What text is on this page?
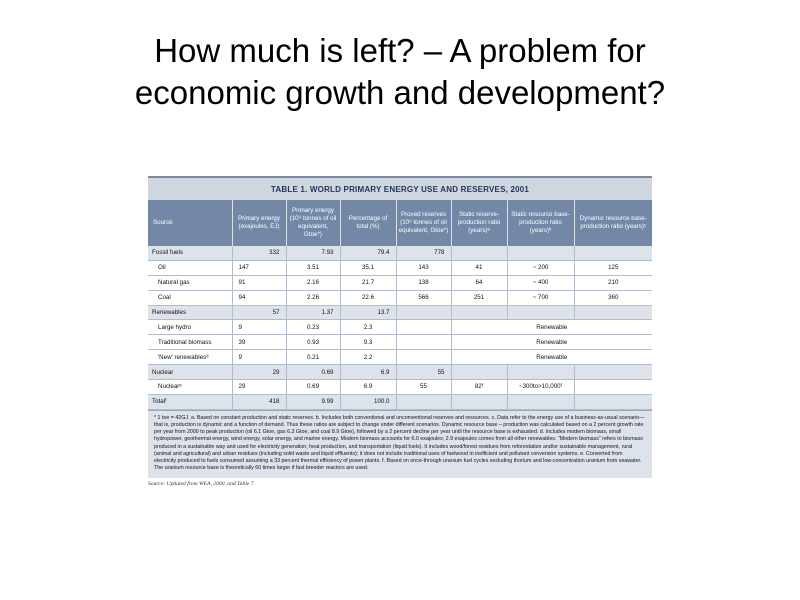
How much is left? – A problem for
economic growth and development?
TABLE 1. WORLD PRIMARY ENERGY USE AND RESERVES, 2001
Source	Primary energy (exajoules, EJ)	Primary energy (10⁹ tonnes of oil equivalent, Gtoe*)	Percentage of total (%)	Proved reserves (10⁹ tonnes of oil equivalent, Gtoe*)	Static reserve-production ratio (years)ᵃ	Static resource base-production ratio (years)ᵇ	Dynamic resource base-production ratio (years)ᶜ
Fossil fuels	332	7.93	79.4	778			
Oil	147	3.51	35.1	143	41	~ 200	125
Natural gas	91	2.16	21.7	138	64	~ 400	210
Coal	94	2.26	22.6	566	251	~ 700	360
Renewables	57	1.37	13.7				
Large hydro	9	0.23	2.3		Renewable		
Traditional biomass	39	0.93	9.3		Renewable		
'New' renewablesᵈ	9	0.21	2.2		Renewable		
Nuclear	29	0.69	6.9	55			
Nuclearᵉ	29	0.69	6.9	55	82ᶠ	~300to>10,000ᶠ	
Totalᶠ	418	9.99	100.0				

* 1 toe = 42GJ. a. Based on constant production and static reserves. b. Includes both conventional and unconventional reserves and resources. c. Data refer to the energy use of a business-as-usual scenario—that is, production is dynamic and a function of demand. Thus these ratios are subject to change under different scenarios. Dynamic resource base – production was calculated based on a 2 percent growth rate per year from 2000 to peak production (oil 6.1 Gtoe, gas 6.3 Gtoe, and coal 8.9 Gtoe), followed by a 2 percent decline per year until the resource base is exhausted. d. Includes modern biomass, small hydropower, geothermal energy, wind energy, solar energy, and marine energy. Modern biomass accounts for 6.0 exajoules; 2.9 exajoules comes from all other renewables. "Modern biomass" refers to biomass produced in a sustainable way and used for electricity generation, heat production, and transportation (liquid fuels). It includes wood/forest residues from reforestation and/or sustainable management, rural (animal and agricultural) and urban residues (including solid waste and liquid effluents); it does not include traditional uses of fuelwood in inefficient and pollutant conversion systems. e. Converted from electricity produced to fuels consumed assuming a 33 percent thermal efficiency of power plants. f. Based on once-through uranium fuel cycles excluding thorium and low-concentration uranium from seawater. The uranium resource base is theoretically 60 times larger if fast breeder reactors are used.

Source: Updated from WEA, 2000, and Table 7.
